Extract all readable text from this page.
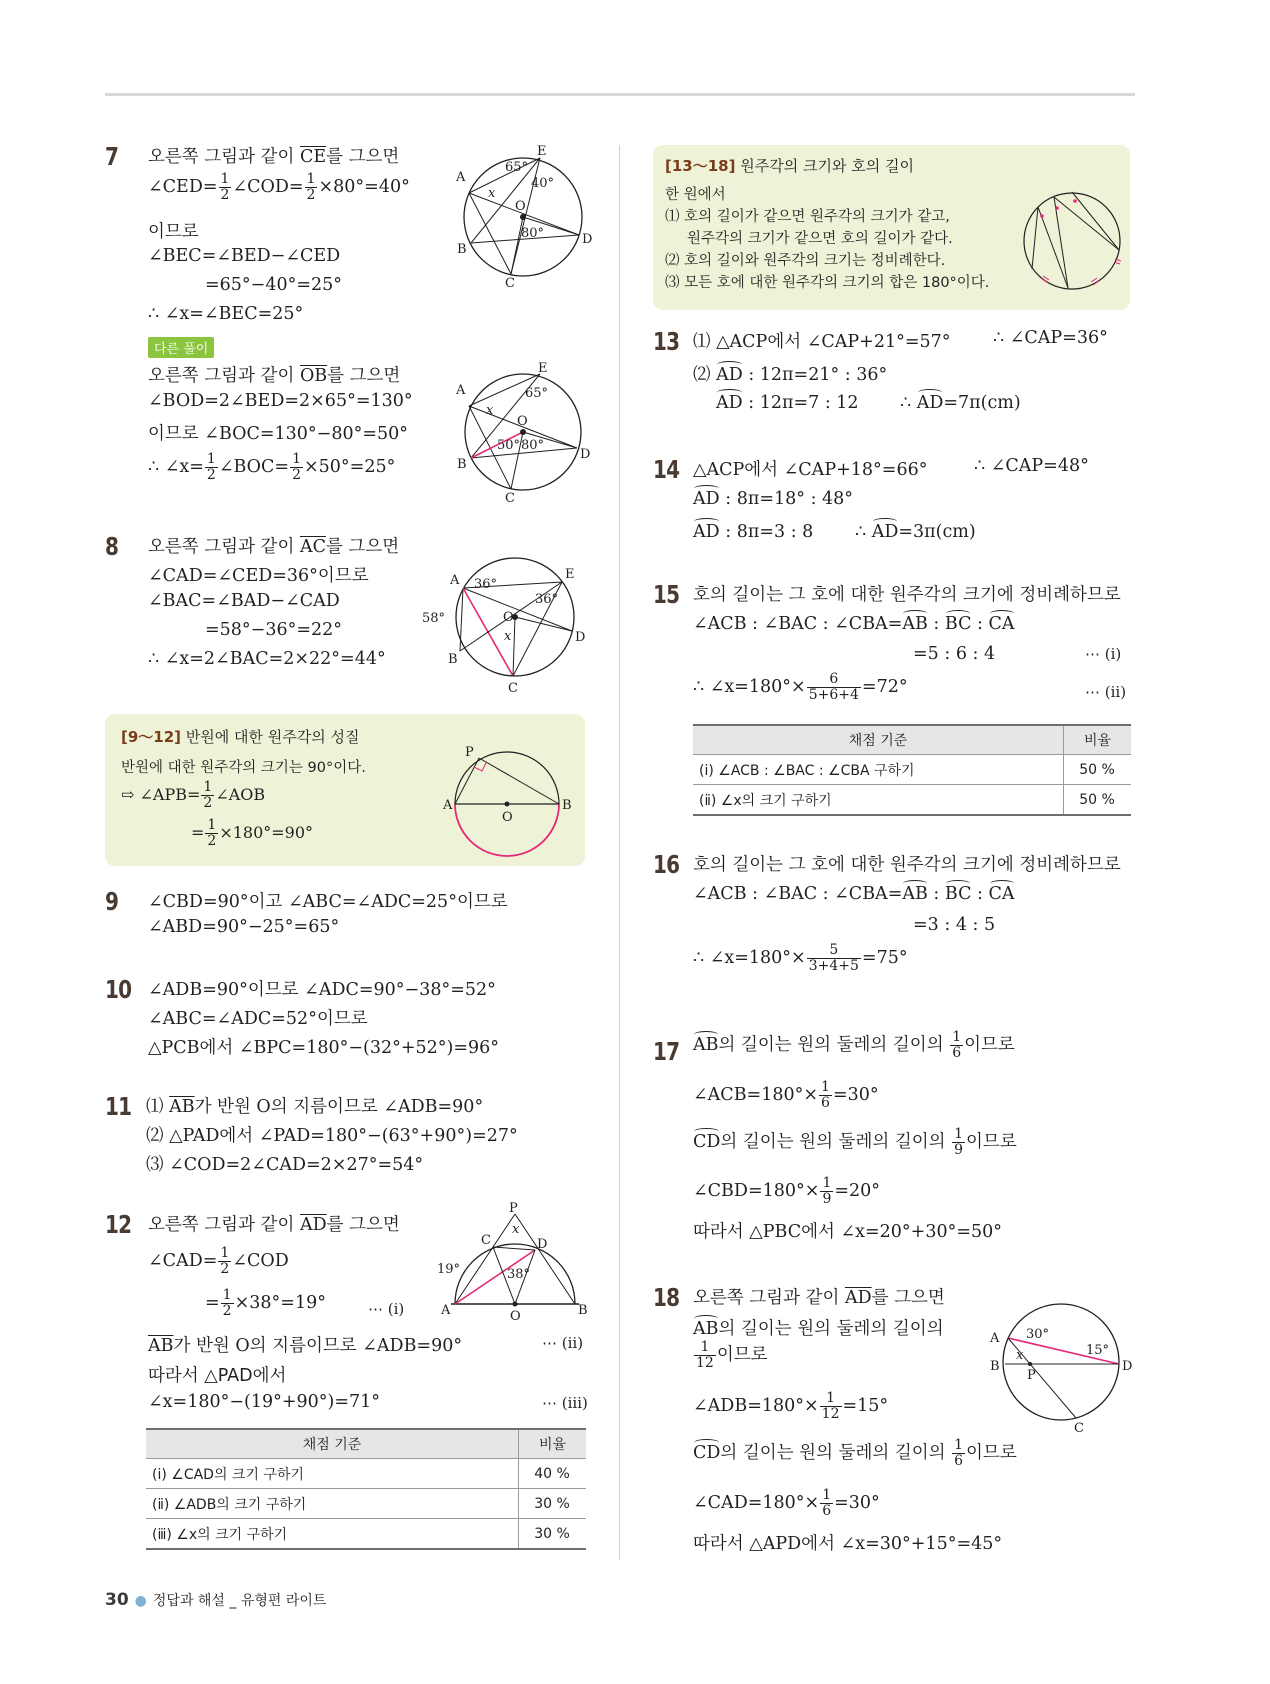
7 오른쪽 그림과 같이 $\overline{CE}$를 그으면
∠CED= $\frac{1}{2}$ ∠COD= $\frac{1}{2} \times 80^\circ=40^\circ$
이므로
∠BEC=∠BED−∠CED
=65°−40°=25°
∴ ∠x=∠BEC=25°
다른 풀이
오른쪽 그림과 같이 $\overline{OB}$를 그으면
∠BOD=2∠BED=2×65°=130°
이므로 ∠BOC=130°−80°=50°
∴ ∠x= $\frac{1}{2}$ ∠BOC= $\frac{1}{2} \times 50^\circ=25^\circ$
A
B
C
D
E
O
x
65°
40°
80°
A
B
C
D
E
O
x
65°
50° 80°
8 오른쪽 그림과 같이 $\overline{AC}$를 그으면
∠CAD=∠CED=36°이므로
∠BAC=∠BAD−∠CAD
=58°−36°=22°
∴ ∠x=2∠BAC=2×22°=44°
A
B
C
D
E
O
x
36°
36°
58°
[9～12] 반원에 대한 원주각의 성질
반원에 대한 원주각의 크기는 90°이다.
⇨ ∠APB= $\frac{1}{2}$ ∠AOB
= $\frac{1}{2} \times 180^\circ=90^\circ$
P
A	B
O
9 ∠CBD=90°이고 ∠ABC=∠ADC=25°이므로
∠ABD=90°−25°=65°
10 ∠ADB=90°이므로 ∠ADC=90°−38°=52°
∠ABC=∠ADC=52°이므로
△PCB에서 ∠BPC=180°−(32°+52°)=96°
11 ⑴ $\overline{AB}$가 반원 O의 지름이므로 ∠ADB=90°
⑵ △PAD에서 ∠PAD=180°−(63°+90°)=27°
⑶ ∠COD=2∠CAD=2×27°=54°
12 오른쪽 그림과 같이 $\overline{AD}$를 그으면
∠CAD= $\frac{1}{2}$ ∠COD
= $\frac{1}{2} \times 38^\circ=19^\circ$	⋯ (ⅰ)
$\overline{AB}$가 반원 O의 지름이므로 ∠ADB=90°	⋯ (ⅱ)
따라서 △PAD에서
∠x=180°−(19°+90°)=71°	⋯ (ⅲ)
P
C	D
A	B
O
x
19°	38°
채점 기준	비율
(ⅰ) ∠CAD의 크기 구하기	40 %
(ⅱ) ∠ADB의 크기 구하기	30 %
(ⅲ) ∠x의 크기 구하기	30 %
[13～18] 원주각의 크기와 호의 길이
한 원에서
⑴ 호의 길이가 같으면 원주각의 크기가 같고,
원주각의 크기가 같으면 호의 길이가 같다.
⑵ 호의 길이와 원주각의 크기는 정비례한다.
⑶ 모든 호에 대한 원주각의 크기의 합은 180°이다.
13 ⑴ △ACP에서 ∠CAP+21°=57° ∴ ∠CAP=36°
⑵ AD : 12π=21° : 36°
AD : 12π=7 : 12 ∴ AD=7π(cm)
14 △ACP에서 ∠CAP+18°=66°	∴ ∠CAP=48°
AD : 8π=18° : 48°
AD : 8π=3 : 8 ∴ AD=3π(cm)
15 호의 길이는 그 호에 대한 원주각의 크기에 정비례하므로
∠ACB : ∠BAC : ∠CBA=AB : BC : CA
=5 : 6 : 4	⋯ (ⅰ)
∴ ∠x=180°× $\frac{6}{5+6+4} =72^\circ$	⋯ (ⅱ)
채점 기준	비율
(ⅰ) ∠ACB : ∠BAC : ∠CBA 구하기	50 %
(ⅱ) ∠x의 크기 구하기	50 %
16 호의 길이는 그 호에 대한 원주각의 크기에 정비례하므로
∠ACB : ∠BAC : ∠CBA=AB : BC : CA
=3 : 4 : 5
∴ ∠x=180°× $\frac{5}{3+4+5} =75^\circ$
17 AB의 길이는 원의 둘레의 길이의 $\frac{1}{6}$ 이므로
∠ACB=180°× $\frac{1}{6} =30^\circ$
CD의 길이는 원의 둘레의 길이의 $\frac{1}{9}$ 이므로
∠CBD=180°× $\frac{1}{9} =20^\circ$
따라서 △PBC에서 ∠x=20°+30°=50°
18 오른쪽 그림과 같이 $\overline{AD}$를 그으면
AB의 길이는 원의 둘레의 길이의
$\frac{1}{12}$ 이므로
∠ADB=180°× $\frac{1}{12} =15^\circ$
CD의 길이는 원의 둘레의 길이의 $\frac{1}{6}$ 이므로
∠CAD=180°× $\frac{1}{6} =30^\circ$
따라서 △APD에서 ∠x=30°+15°=45°
A
B
C
D
P
x
30°
15°
30 ● 정답과 해설 _ 유형편 라이트
